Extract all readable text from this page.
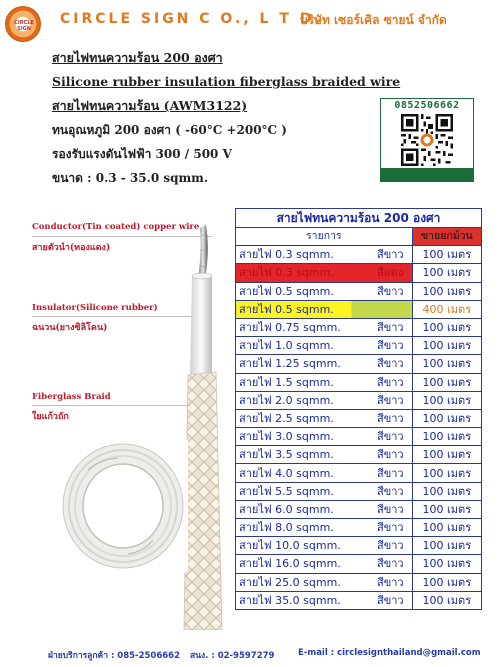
CIRCLE SIGN
CIRCLE SIGN C O., L T D.
บริษัท เซอร์เคิล ซายน์ จำกัด
สายไฟทนความร้อน 200 องศา
Silicone rubber insulation fiberglass braided wire
สายไฟทนความร้อน (AWM3122)
ทนอุณหภูมิ 200 องศา ( -60°C +200°C )
รองรับแรงดันไฟฟ้า 300 / 500 V
ขนาด : 0.3 - 35.0 sqmm.
0852506662
Conductor(Tin coated) copper wire
สายตัวนำ(ทองแดง)
Insulator(Silicone rubber)
ฉนวน(ยางซิลิโคน)
Fiberglass Braid
ใยแก้วถัก
สายไฟทนความร้อน 200 องศา	
รายการ	ขายยกม้วน
สายไฟ 0.3 sqmm. สีขาว	100 เมตร
สายไฟ 0.3 sqmm. สีแดง	100 เมตร
สายไฟ 0.5 sqmm. สีขาว	100 เมตร
สายไฟ 0.5 sqmm.	400 เมตร
สายไฟ 0.75 sqmm. สีขาว	100 เมตร
สายไฟ 1.0 sqmm. สีขาว	100 เมตร
สายไฟ 1.25 sqmm. สีขาว	100 เมตร
สายไฟ 1.5 sqmm. สีขาว	100 เมตร
สายไฟ 2.0 sqmm. สีขาว	100 เมตร
สายไฟ 2.5 sqmm. สีขาว	100 เมตร
สายไฟ 3.0 sqmm. สีขาว	100 เมตร
สายไฟ 3.5 sqmm. สีขาว	100 เมตร
สายไฟ 4.0 sqmm. สีขาว	100 เมตร
สายไฟ 5.5 sqmm. สีขาว	100 เมตร
สายไฟ 6.0 sqmm. สีขาว	100 เมตร
สายไฟ 8.0 sqmm. สีขาว	100 เมตร
สายไฟ 10.0 sqmm. สีขาว	100 เมตร
สายไฟ 16.0 sqmm. สีขาว	100 เมตร
สายไฟ 25.0 sqmm. สีขาว	100 เมตร
สายไฟ 35.0 sqmm. สีขาว	100 เมตร
ฝ่ายบริการลูกค้า : 085-2506662 สนง. : 02-9597279	E-mail : circlesignthailand@gmail.com
